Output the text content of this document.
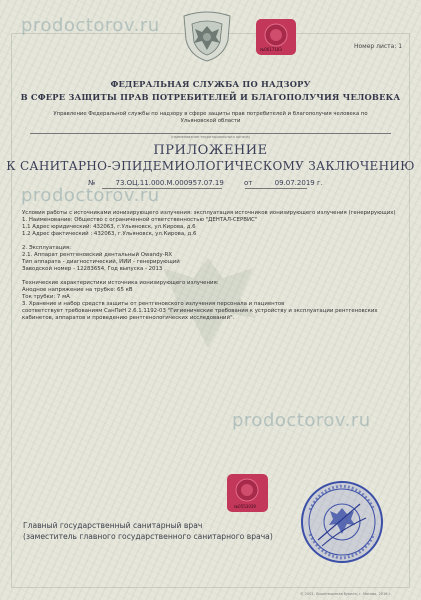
№0617183	Номер листа: 1
prodoctorov.ru
prodoctorov.ru
prodoctorov.ru
ФЕДЕРАЛЬНАЯ СЛУЖБА ПО НАДЗОРУ
В СФЕРЕ ЗАЩИТЫ ПРАВ ПОТРЕБИТЕЛЕЙ И БЛАГОПОЛУЧИЯ ЧЕЛОВЕКА
Управление Федеральной службы по надзору в сфере защиты прав потребителей и благополучия человека по
Ульяновской области
(наименование территориального органа)
ПРИЛОЖЕНИЕ
К САНИТАРНО-ЭПИДЕМИОЛОГИЧЕСКОМУ ЗАКЛЮЧЕНИЮ
№	73.ОЦ.11.000.М.000957.07.19	от	09.07.2019 г.
Условия работы с источниками ионизирующего излучения: эксплуатация источников ионизирующего излучения (генерирующих)
1. Наименование: Общество с ограниченной ответственностью "ДЕНТАЛ-СЕРВИС"
1.1 Адрес юридический: 432063, г.Ульяновск, ул.Кирова, д.6
1.2 Адрес фактический : 432063, г.Ульяновск, ул.Кирова, д.6
2. Эксплуатация:
2.1. Аппарат рентгеновский дентальный Owandy-RX
Тип аппарата - диагностический, ИИИ - генерирующий
Заводской номер - 12283654, Год выпуска - 2013
Технические характеристики источника ионизирующего излучения:
Анодное напряжение на трубке: 65 кВ
Ток трубки: 7 мА
3. Хранение и набор средств защиты от рентгеновского излучения персонала и пациентов
соответствует требованиям СанПиН 2.6.1.1192-03 "Гигиенические требования к устройству и эксплуатации рентгеновских
кабинетов, аппаратов и проведению рентгенологических исследований".
№0553039
Главный государственный санитарный врач
(заместитель главного государственного санитарного врача)
© 2001, Лицензионная бумага, г. Москва, 2016 г.
